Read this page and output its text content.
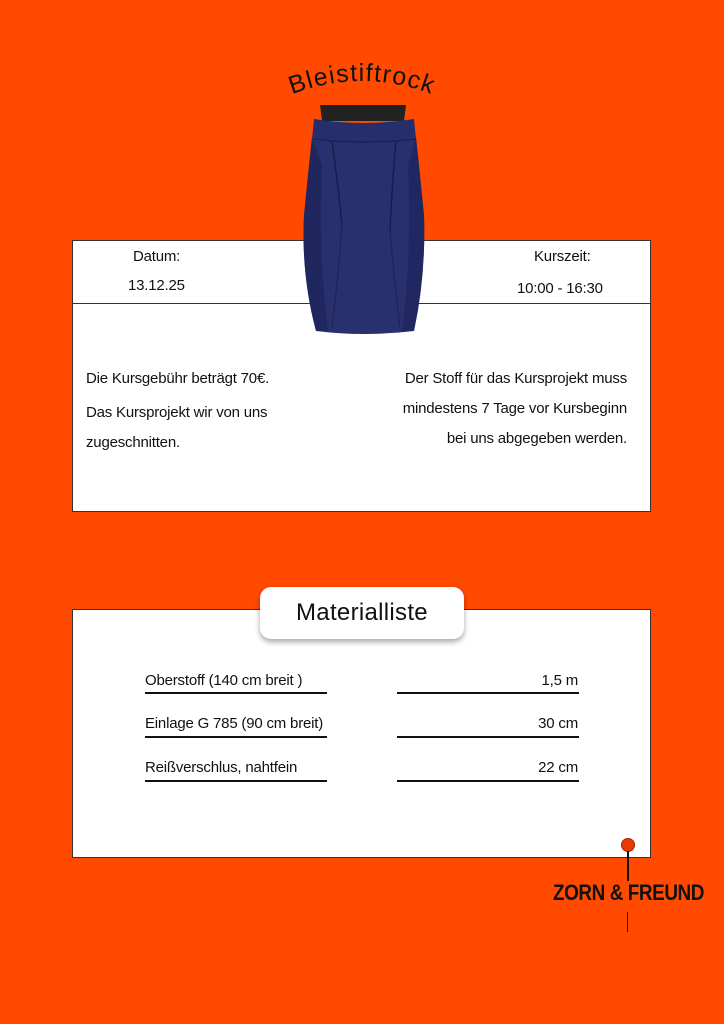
Bleistiftrock
Datum:
13.12.25
Kurszeit:
10:00 - 16:30
Die Kursgebühr beträgt 70€.
Das Kursprojekt wir von uns
zugeschnitten.
Der Stoff für das Kursprojekt muss
mindestens 7 Tage vor Kursbeginn
bei uns abgegeben werden.
Materialliste
Oberstoff (140 cm breit )	1,5 m
Einlage G 785 (90 cm breit)	30 cm
Reißverschlus, nahtfein	22 cm
ZORN & FREUND
